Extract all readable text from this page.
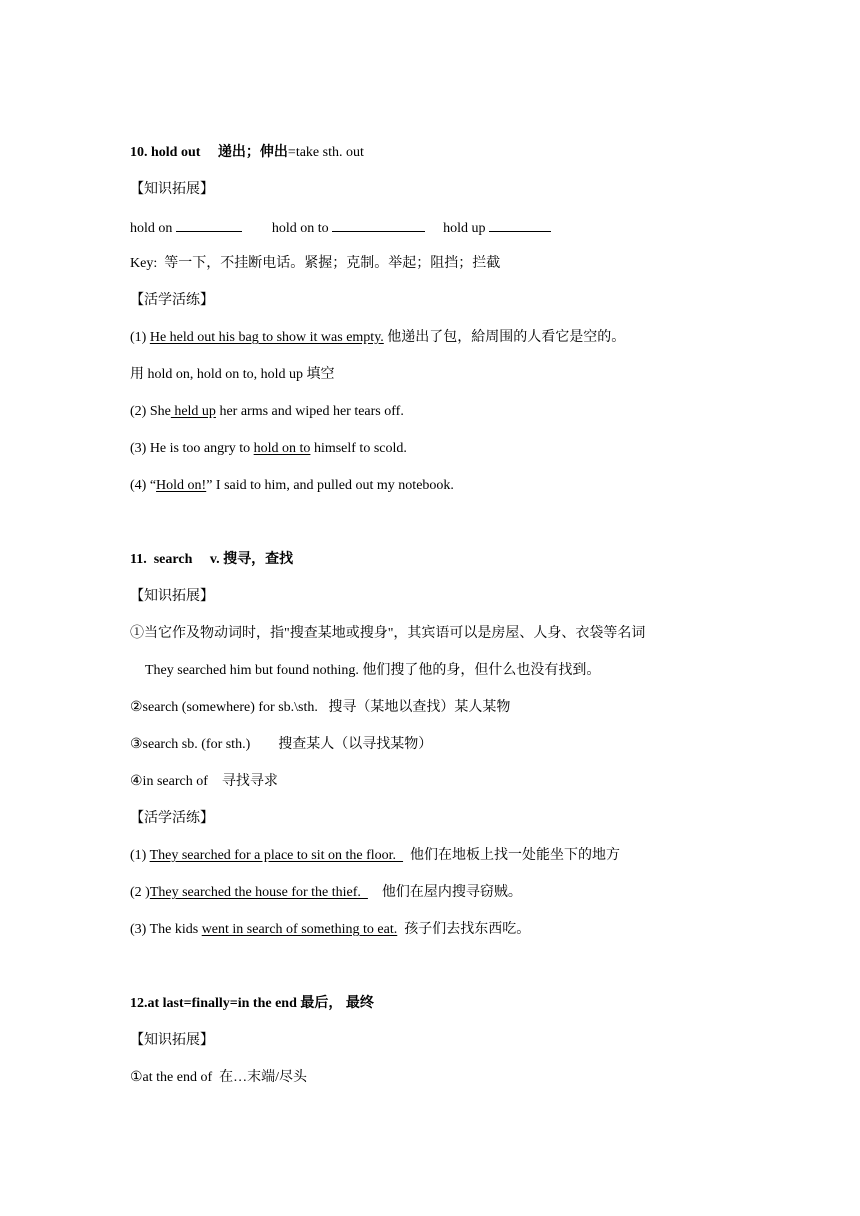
10. hold out 递出；伸出=take sth. out
【知识拓展】
hold on	hold on to	hold up
Key:  等一下，不挂断电话。紧握；克制。举起；阻挡；拦截
【活学活练】
(1) He held out his bag to show it was empty. 他递出了包，給周围的人看它是空的。
用 hold on, hold on to, hold up 填空
(2) She held up her arms and wiped her tears off.
(3) He is too angry to hold on to himself to scold.
(4) “Hold on!” I said to him, and pulled out my notebook.
11.  search v. 搜寻，查找
【知识拓展】
①当它作及物动词时，指"搜查某地或搜身"，其宾语可以是房屋、人身、衣袋等名词
They searched him but found nothing. 他们搜了他的身，但什么也没有找到。
②search (somewhere) for sb.\sth.   搜寻（某地以查找）某人某物
③search sb. (for sth.)        搜查某人（以寻找某物）
④in search of    寻找寻求
【活学活练】
(1) They searched for a place to sit on the floor.    他们在地板上找一处能坐下的地方
(2 )They searched the house for the thief.      他们在屋内搜寻窃贼。
(3) The kids went in search of something to eat.  孩子们去找东西吃。
12.at last=finally=in the end 最后， 最终
【知识拓展】
①at the end of  在…末端/尽头
